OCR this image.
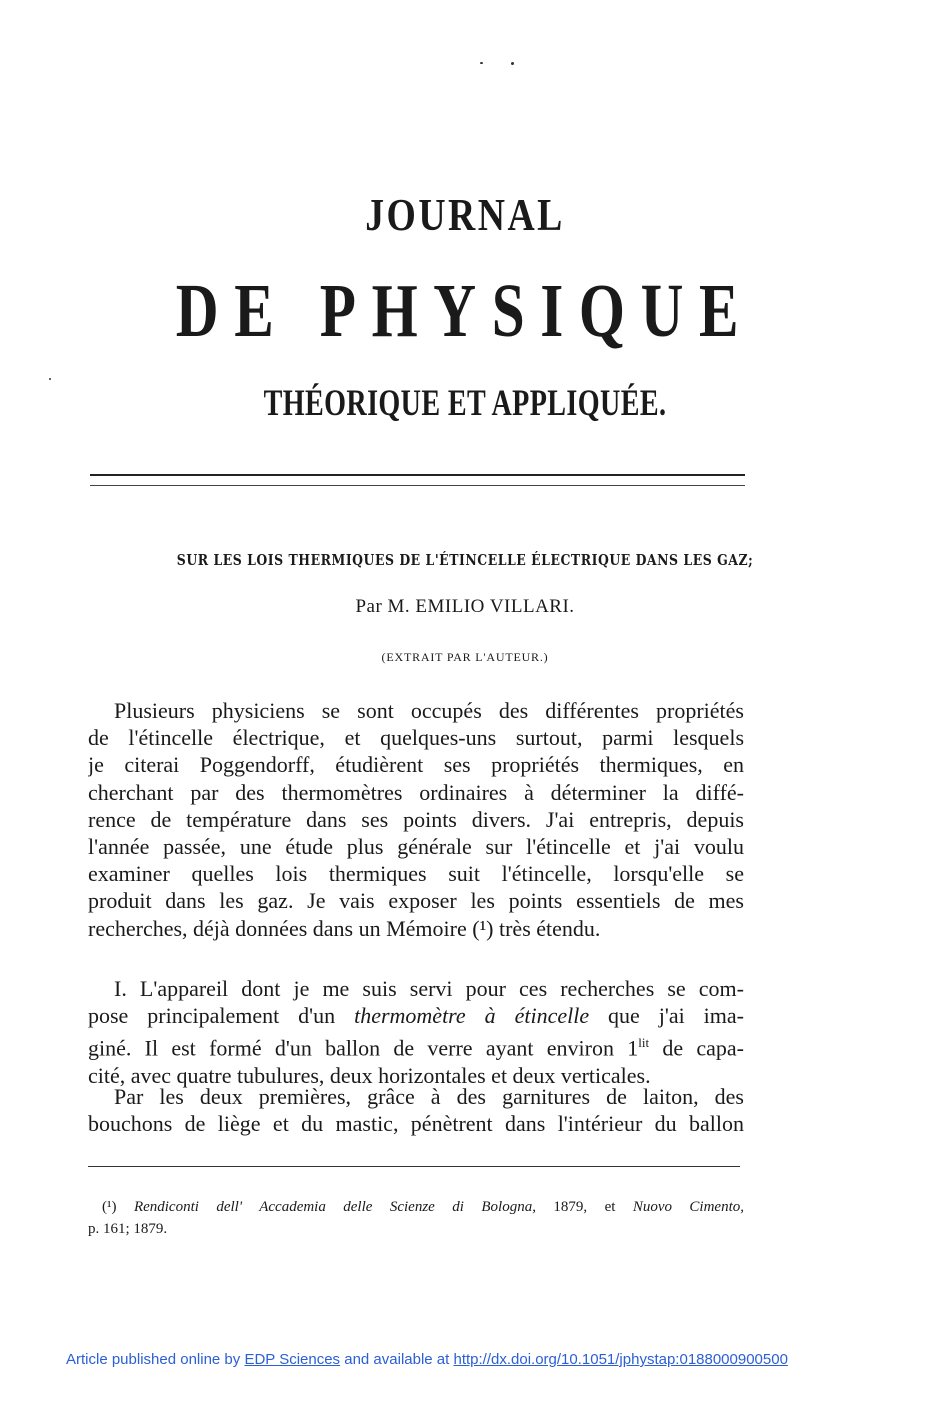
JOURNAL
DE PHYSIQUE
THÉORIQUE ET APPLIQUÉE.
SUR LES LOIS THERMIQUES DE L'ÉTINCELLE ÉLECTRIQUE DANS LES GAZ;
Par M. EMILIO VILLARI.
(EXTRAIT PAR L'AUTEUR.)
Plusieurs physiciens se sont occupés des différentes propriétés
de l'étincelle électrique, et quelques-uns surtout, parmi lesquels
je citerai Poggendorff, étudièrent ses propriétés thermiques, en
cherchant par des thermomètres ordinaires à déterminer la diffé-
rence de température dans ses points divers. J'ai entrepris, depuis
l'année passée, une étude plus générale sur l'étincelle et j'ai voulu
examiner quelles lois thermiques suit l'étincelle, lorsqu'elle se
produit dans les gaz. Je vais exposer les points essentiels de mes
recherches, déjà données dans un Mémoire (¹) très étendu.
I. L'appareil dont je me suis servi pour ces recherches se com-
pose principalement d'un thermomètre à étincelle que j'ai ima-
giné. Il est formé d'un ballon de verre ayant environ $1^{lit}$ de capa-
cité, avec quatre tubulures, deux horizontales et deux verticales.
Par les deux premières, grâce à des garnitures de laiton, des
bouchons de liège et du mastic, pénètrent dans l'intérieur du ballon
(¹) Rendiconti dell' Accademia delle Scienze di Bologna, 1879, et Nuovo Cimento,
p. 161; 1879.
Article published online by EDP Sciences and available at http://dx.doi.org/10.1051/jphystap:0188000900500
